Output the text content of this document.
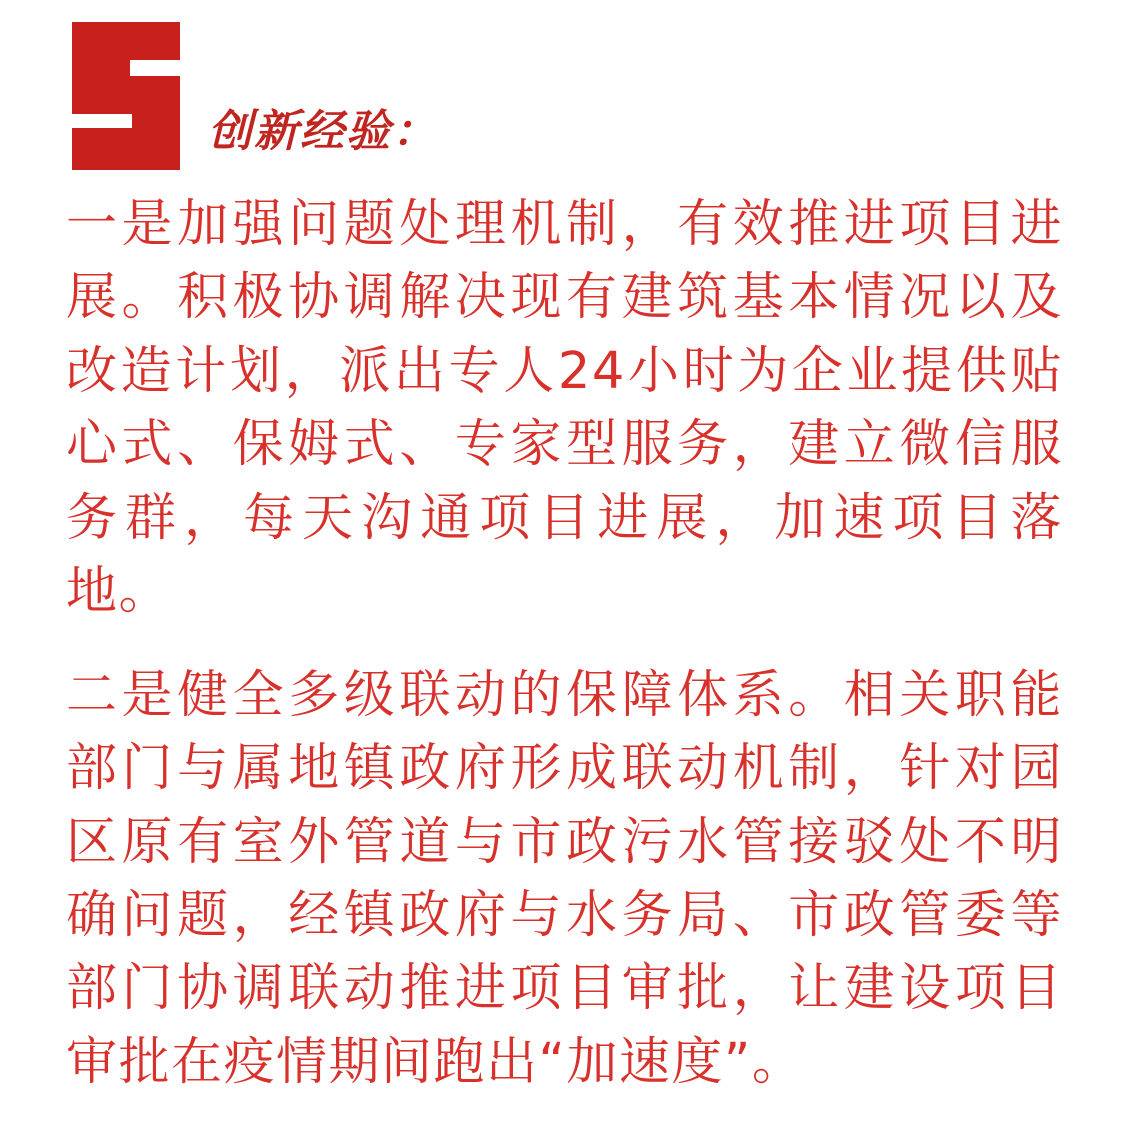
创新经验：

一是加强问题处理机制，有效推进项目进展。积极协调解决现有建筑基本情况以及改造计划，派出专人24小时为企业提供贴心式、保姆式、专家型服务，建立微信服务群，每天沟通项目进展，加速项目落地。

二是健全多级联动的保障体系。相关职能部门与属地镇政府形成联动机制，针对园区原有室外管道与市政污水管接驳处不明确问题，经镇政府与水务局、市政管委等部门协调联动推进项目审批，让建设项目审批在疫情期间跑出“加速度”。
